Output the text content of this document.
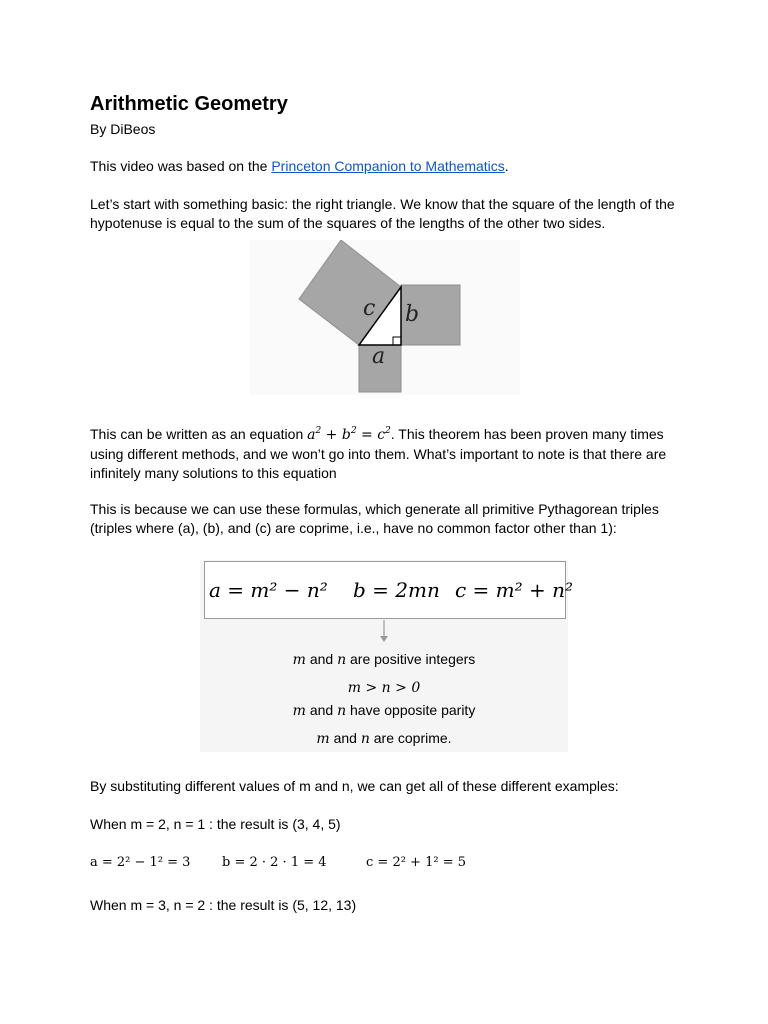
Arithmetic Geometry
By DiBeos
This video was based on the Princeton Companion to Mathematics.
Let’s start with something basic: the right triangle. We know that the square of the length of the hypotenuse is equal to the sum of the squares of the lengths of the other two sides.
This can be written as an equation $a^2 + b^2 = c^2$. This theorem has been proven many times using different methods, and we won’t go into them. What’s important to note is that there are infinitely many solutions to this equation
This is because we can use these formulas, which generate all primitive Pythagorean triples (triples where (a), (b), and (c) are coprime, i.e., have no common factor other than 1):
By substituting different values of m and n, we can get all of these different examples:
When m = 2, n = 1 : the result is (3, 4, 5)
When m = 3, n = 2 : the result is (5, 12, 13)
c b
a
a = m² − n² b = 2mn c = m² + n²
m and n are positive integers
m > n > 0
m and n have opposite parity
m and n are coprime.
a = 2² − 1² = 3 b = 2 · 2 · 1 = 4	c = 2² + 1² = 5
